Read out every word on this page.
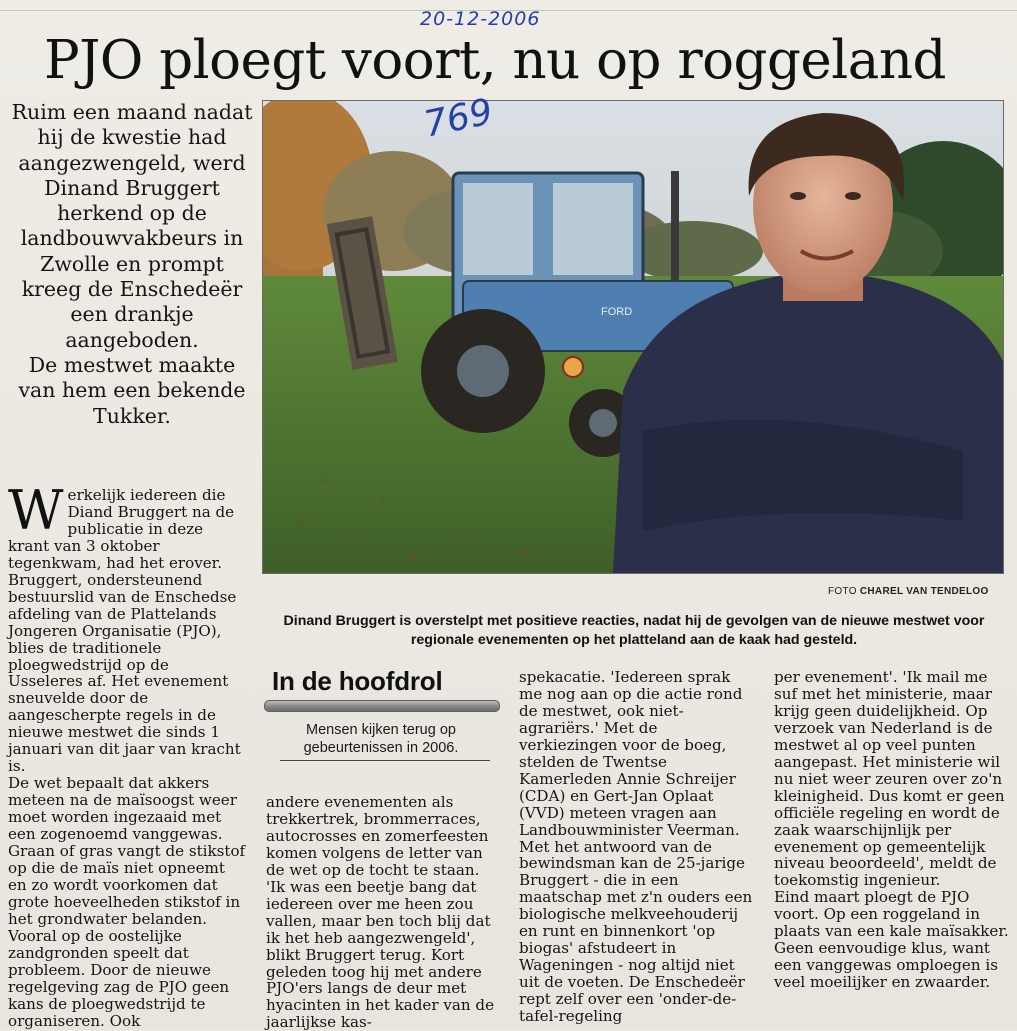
20-12-2006
PJO ploegt voort, nu op roggeland

Ruim een maand nadat hij de kwestie had aangezwengeld, werd Dinand Bruggert herkend op de landbouwvakbeurs in Zwolle en prompt kreeg de Enschedeër een drankje aangeboden.

De mestwet maakte van hem een bekende Tukker.

FORD
769
FOTO CHAREL VAN TENDELOO
Dinand Bruggert is overstelpt met positieve reacties, nadat hij de gevolgen van de nieuwe mestwet voor regionale evenementen op het platteland aan de kaak had gesteld.
W erkelijk iedereen die Diand Bruggert na de publicatie in deze krant van 3 oktober tegenkwam, had het erover. Bruggert, ondersteunend bestuurslid van de Enschedse afdeling van de Plattelands Jongeren Organisatie (PJO), blies de traditionele ploegwedstrijd op de Usseleres af. Het evenement sneuvelde door de aangescherpte regels in de nieuwe mestwet die sinds 1 januari van dit jaar van kracht is.

De wet bepaalt dat akkers meteen na de maïsoogst weer moet worden ingezaaid met een zogenoemd vanggewas. Graan of gras vangt de stikstof op die de maïs niet opneemt en zo wordt voorkomen dat grote hoeveelheden stikstof in het grondwater belanden. Vooral op de oostelijke zandgronden speelt dat probleem. Door de nieuwe regelgeving zag de PJO geen kans de ploegwedstrijd te organiseren. Ook

In de hoofdrol
Mensen kijken terug op gebeurtenissen in 2006.

andere evenementen als trekkertrek, brommerraces, autocrosses en zomerfeesten komen volgens de letter van de wet op de tocht te staan. 'Ik was een beetje bang dat iedereen over me heen zou vallen, maar ben toch blij dat ik het heb aangezwengeld', blikt Bruggert terug. Kort geleden toog hij met andere PJO'ers langs de deur met hyacinten in het kader van de jaarlijkse kas-

spekacatie. 'Iedereen sprak me nog aan op die actie rond de mestwet, ook niet-agrariërs.' Met de verkiezingen voor de boeg, stelden de Twentse Kamerleden Annie Schreijer (CDA) en Gert-Jan Oplaat (VVD) meteen vragen aan Landbouwminister Veerman. Met het antwoord van de bewindsman kan de 25-jarige Bruggert - die in een maatschap met z'n ouders een biologische melkveehouderij en runt en binnenkort 'op biogas' afstudeert in Wageningen - nog altijd niet uit de voeten. De Enschedeër rept zelf over een 'onder-de-tafel-regeling

per evenement'. 'Ik mail me suf met het ministerie, maar krijg geen duidelijkheid. Op verzoek van Nederland is de mestwet al op veel punten aangepast. Het ministerie wil nu niet weer zeuren over zo'n kleinigheid. Dus komt er geen officiële regeling en wordt de zaak waarschijnlijk per evenement op gemeentelijk niveau beoordeeld', meldt de toekomstig ingenieur.

Eind maart ploegt de PJO voort. Op een roggeland in plaats van een kale maïsakker. Geen eenvoudige klus, want een vanggewas omploegen is veel moeilijker en zwaarder.
